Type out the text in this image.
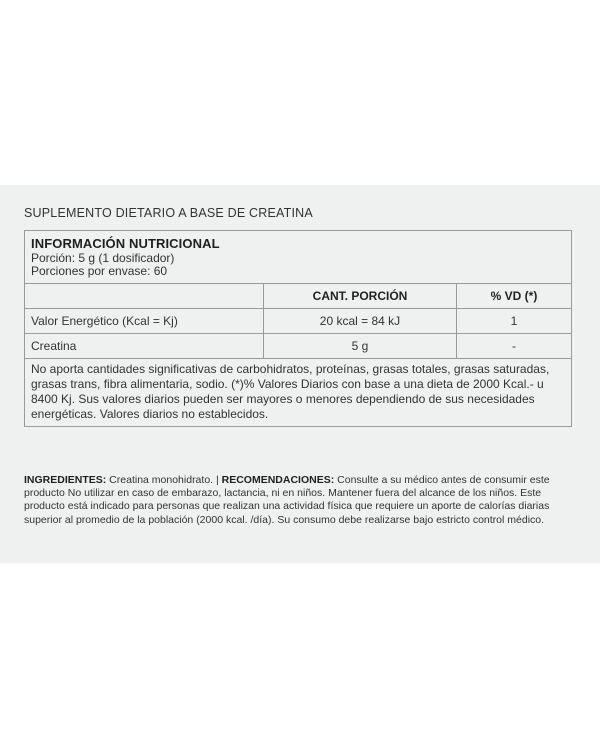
SUPLEMENTO DIETARIO A BASE DE CREATINA
INFORMACIÓN NUTRICIONAL
Porción: 5 g (1 dosificador)
Porciones por envase: 60
	CANT. PORCIÓN	% VD (*)
Valor Energético (Kcal = Kj)	20 kcal = 84 kJ	1
Creatina	5 g	-
No aporta cantidades significativas de carbohidratos, proteínas, grasas totales, grasas saturadas, grasas trans, fibra alimentaria, sodio. (*)% Valores Diarios con base a una dieta de 2000 Kcal.- u 8400 Kj. Sus valores diarios pueden ser mayores o menores dependiendo de sus necesidades energéticas. Valores diarios no establecidos.
INGREDIENTES: Creatina monohidrato. | RECOMENDACIONES: Consulte a su médico antes de consumir este producto No utilizar en caso de embarazo, lactancia, ni en niños. Mantener fuera del alcance de los niños. Este producto está indicado para personas que realizan una actividad física que requiere un aporte de calorías diarias superior al promedio de la población (2000 kcal. /día). Su consumo debe realizarse bajo estricto control médico.
